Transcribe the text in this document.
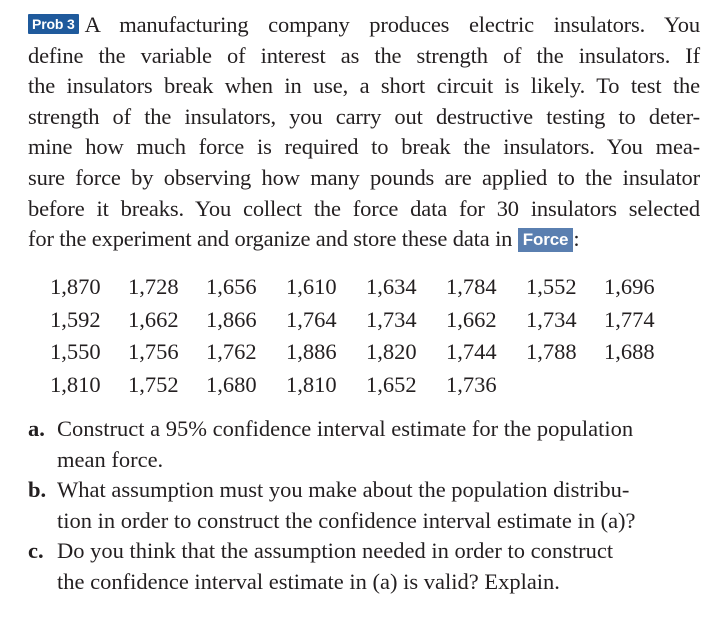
Prob 3 A manufacturing company produces electric insulators. You
define the variable of interest as the strength of the insulators. If
the insulators break when in use, a short circuit is likely. To test the
strength of the insulators, you carry out destructive testing to deter-
mine how much force is required to break the insulators. You mea-
sure force by observing how many pounds are applied to the insulator
before it breaks. You collect the force data for 30 insulators selected
for the experiment and organize and store these data in Force :
1,870	1,728	1,656	1,610	1,634	1,784	1,552	1,696
1,592	1,662	1,866	1,764	1,734	1,662	1,734	1,774
1,550	1,756	1,762	1,886	1,820	1,744	1,788	1,688
1,810	1,752	1,680	1,810	1,652	1,736		
a. Construct a 95% confidence interval estimate for the population
mean force.
b. What assumption must you make about the population distribu-
tion in order to construct the confidence interval estimate in (a)?
c. Do you think that the assumption needed in order to construct
the confidence interval estimate in (a) is valid? Explain.
